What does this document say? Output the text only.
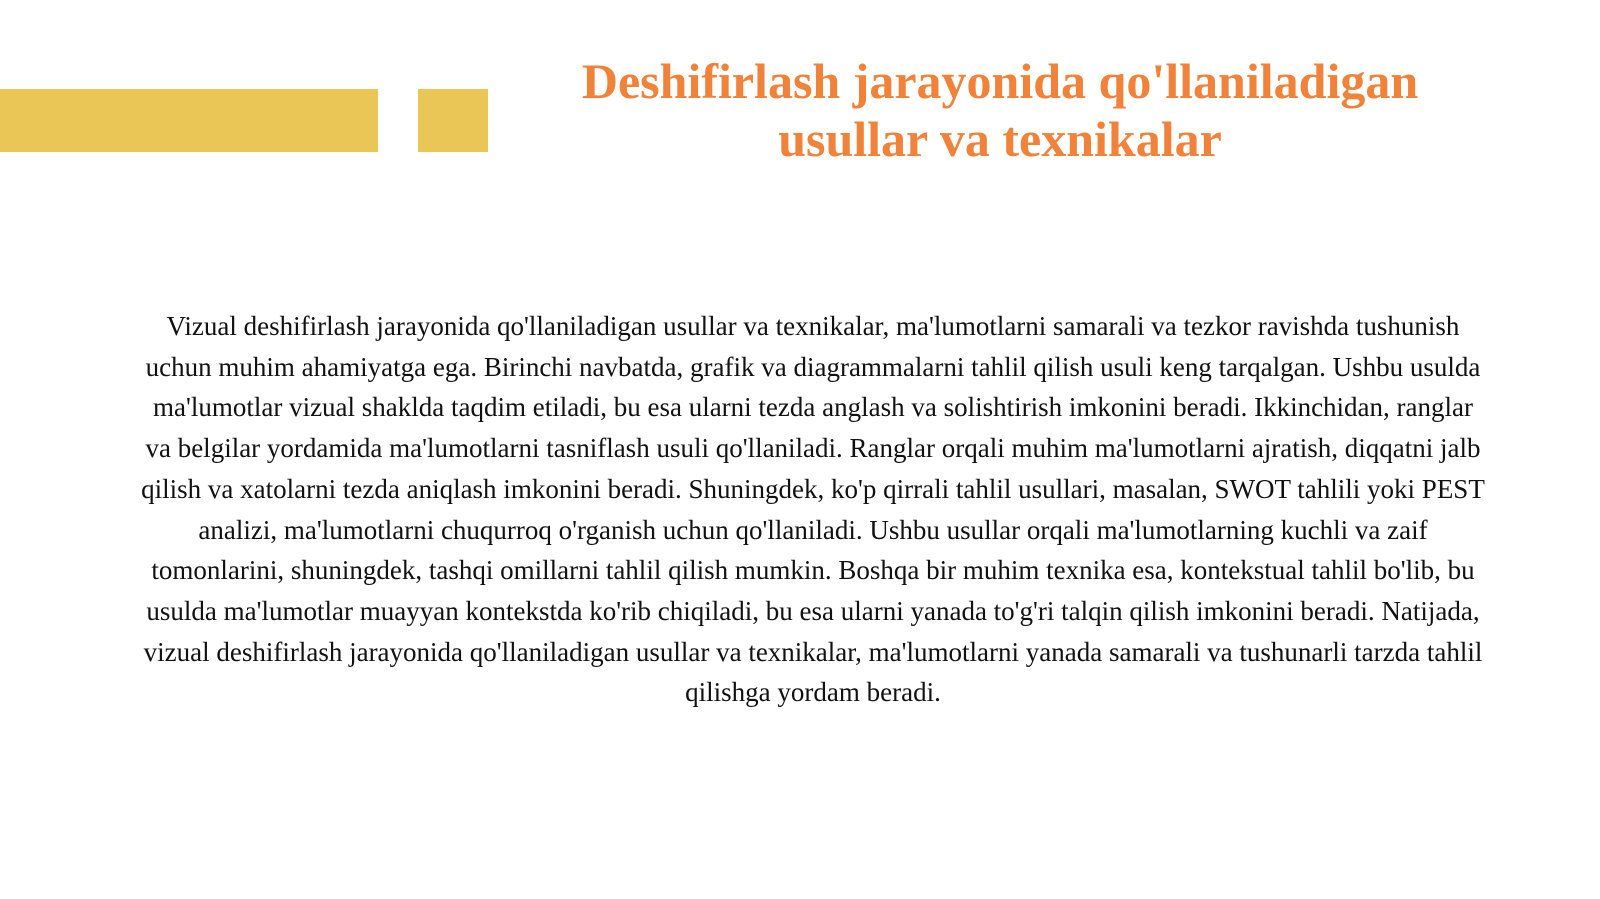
Deshifirlash jarayonida qo'llaniladigan usullar va texnikalar

Vizual deshifirlash jarayonida qo'llaniladigan usullar va texnikalar, ma'lumotlarni samarali va tezkor ravishda tushunish uchun muhim ahamiyatga ega. Birinchi navbatda, grafik va diagrammalarni tahlil qilish usuli keng tarqalgan. Ushbu usulda ma'lumotlar vizual shaklda taqdim etiladi, bu esa ularni tezda anglash va solishtirish imkonini beradi. Ikkinchidan, ranglar va belgilar yordamida ma'lumotlarni tasniflash usuli qo'llaniladi. Ranglar orqali muhim ma'lumotlarni ajratish, diqqatni jalb qilish va xatolarni tezda aniqlash imkonini beradi. Shuningdek, ko'p qirrali tahlil usullari, masalan, SWOT tahlili yoki PEST analizi, ma'lumotlarni chuqurroq o'rganish uchun qo'llaniladi. Ushbu usullar orqali ma'lumotlarning kuchli va zaif tomonlarini, shuningdek, tashqi omillarni tahlil qilish mumkin. Boshqa bir muhim texnika esa, kontekstual tahlil bo'lib, bu usulda ma'lumotlar muayyan kontekstda ko'rib chiqiladi, bu esa ularni yanada to'g'ri talqin qilish imkonini beradi. Natijada, vizual deshifirlash jarayonida qo'llaniladigan usullar va texnikalar, ma'lumotlarni yanada samarali va tushunarli tarzda tahlil qilishga yordam beradi.
